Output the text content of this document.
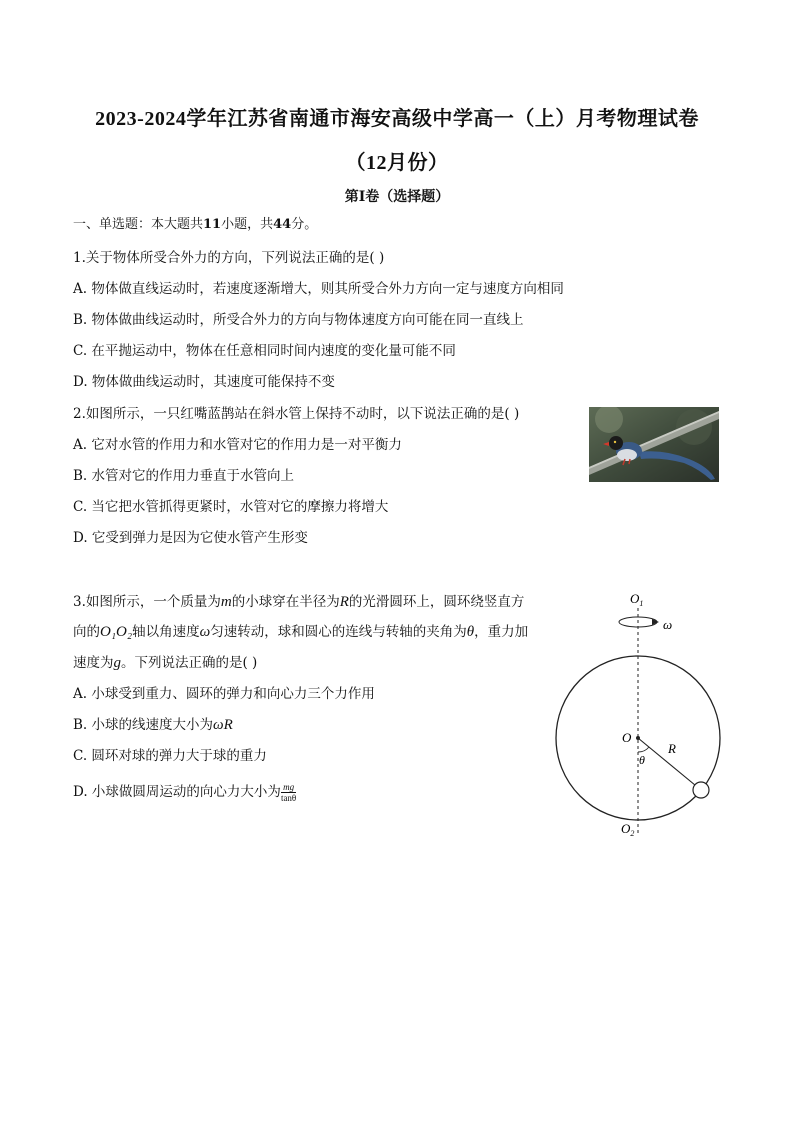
2023-2024学年江苏省南通市海安高级中学高一（上）月考物理试卷
（12月份）
第Ⅰ卷（选择题）
一、单选题：本大题共11小题，共44分。
1.关于物体所受合外力的方向，下列说法正确的是( )
A. 物体做直线运动时，若速度逐渐增大，则其所受合外力方向一定与速度方向相同
B. 物体做曲线运动时，所受合外力的方向与物体速度方向可能在同一直线上
C. 在平抛运动中，物体在任意相同时间内速度的变化量可能不同
D. 物体做曲线运动时，其速度可能保持不变
2.如图所示，一只红嘴蓝鹊站在斜水管上保持不动时，以下说法正确的是( )
A. 它对水管的作用力和水管对它的作用力是一对平衡力
B. 水管对它的作用力垂直于水管向上
C. 当它把水管抓得更紧时，水管对它的摩擦力将增大
D. 它受到弹力是因为它使水管产生形变
3.如图所示，一个质量为m的小球穿在半径为R的光滑圆环上，圆环绕竖直方
向的O₁O₂轴以角速度ω匀速转动，球和圆心的连线与转轴的夹角为θ，重力加
速度为g。下列说法正确的是( )
A. 小球受到重力、圆环的弹力和向心力三个力作用
B. 小球的线速度大小为ωR
C. 圆环对球的弹力大于球的重力
D. 小球做圆周运动的向心力大小为 $\frac{mg}{\tan\theta}$
$O_1$
ω
O
R
θ
$O_2$
